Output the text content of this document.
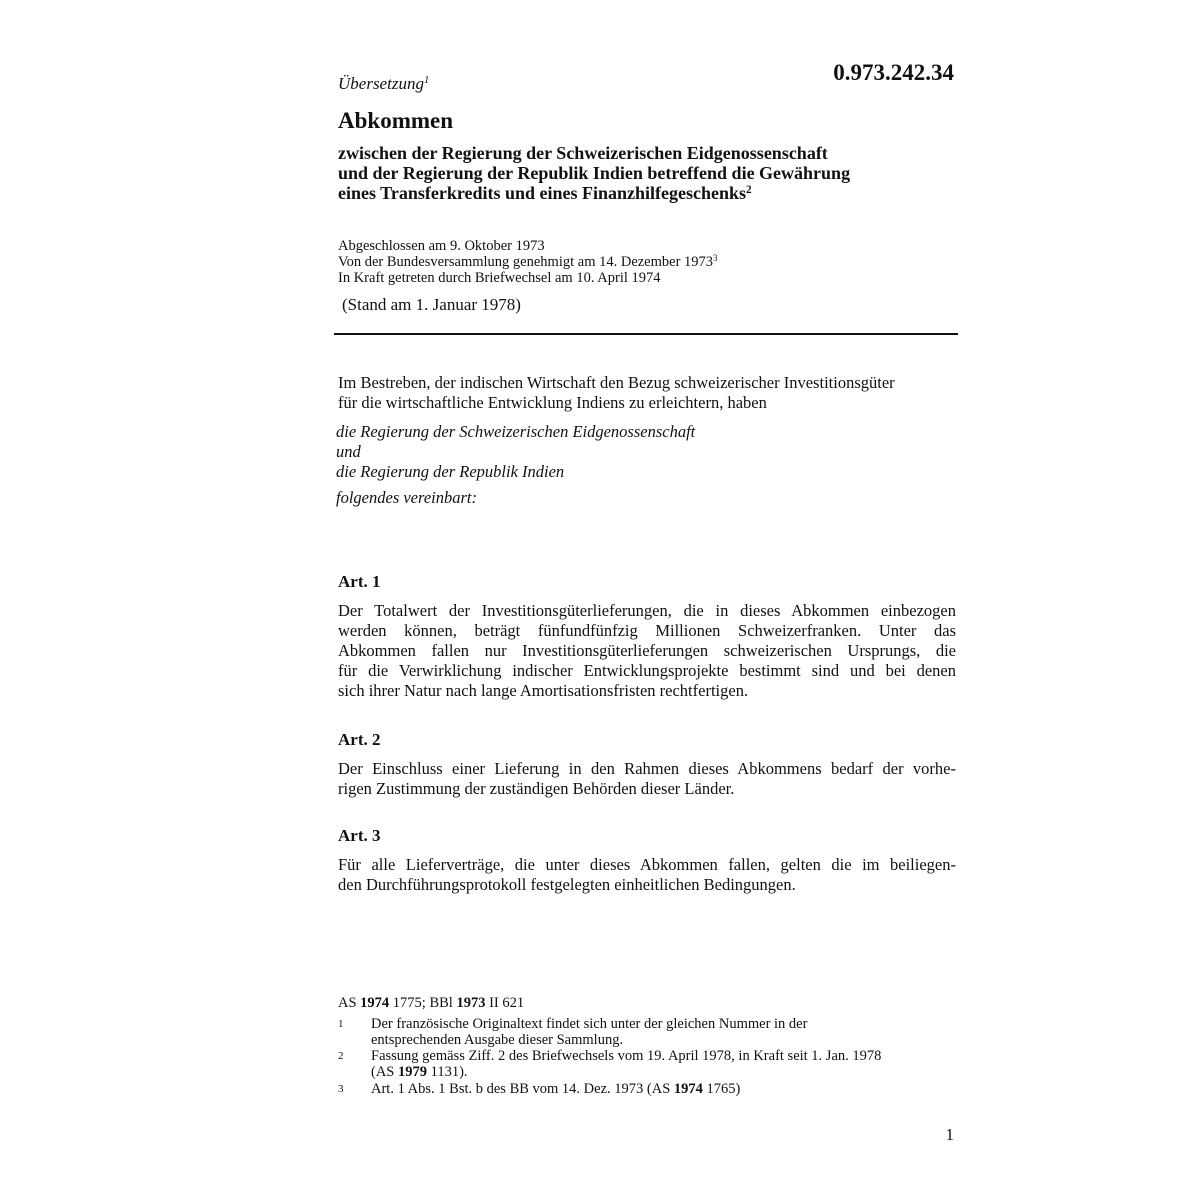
Übersetzung$^1$	0.973.242.34
Abkommen
zwischen der Regierung der Schweizerischen Eidgenossenschaft
und der Regierung der Republik Indien betreffend die Gewährung
eines Transferkredits und eines Finanzhilfegeschenks$^2$
Abgeschlossen am 9. Oktober 1973
Von der Bundesversammlung genehmigt am 14. Dezember 1973$^3$
In Kraft getreten durch Briefwechsel am 10. April 1974
(Stand am 1. Januar 1978)
Im Bestreben, der indischen Wirtschaft den Bezug schweizerischer Investitionsgüter
für die wirtschaftliche Entwicklung Indiens zu erleichtern, haben
die Regierung der Schweizerischen Eidgenossenschaft
und
die Regierung der Republik Indien
folgendes vereinbart:
Art. 1
Der Totalwert der Investitionsgüterlieferungen, die in dieses Abkommen einbezogen
werden können, beträgt fünfundfünfzig Millionen Schweizerfranken. Unter das
Abkommen fallen nur Investitionsgüterlieferungen schweizerischen Ursprungs, die
für die Verwirklichung indischer Entwicklungsprojekte bestimmt sind und bei denen
sich ihrer Natur nach lange Amortisationsfristen rechtfertigen.
Art. 2
Der Einschluss einer Lieferung in den Rahmen dieses Abkommens bedarf der vorhe-
rigen Zustimmung der zuständigen Behörden dieser Länder.
Art. 3
Für alle Lieferverträge, die unter dieses Abkommen fallen, gelten die im beiliegen-
den Durchführungsprotokoll festgelegten einheitlichen Bedingungen.
AS 1974 1775; BBl 1973 II 621
1 Der französische Originaltext findet sich unter der gleichen Nummer in der
entsprechenden Ausgabe dieser Sammlung.
2 Fassung gemäss Ziff. 2 des Briefwechsels vom 19. April 1978, in Kraft seit 1. Jan. 1978
(AS 1979 1131).
3 Art. 1 Abs. 1 Bst. b des BB vom 14. Dez. 1973 (AS 1974 1765)
1
